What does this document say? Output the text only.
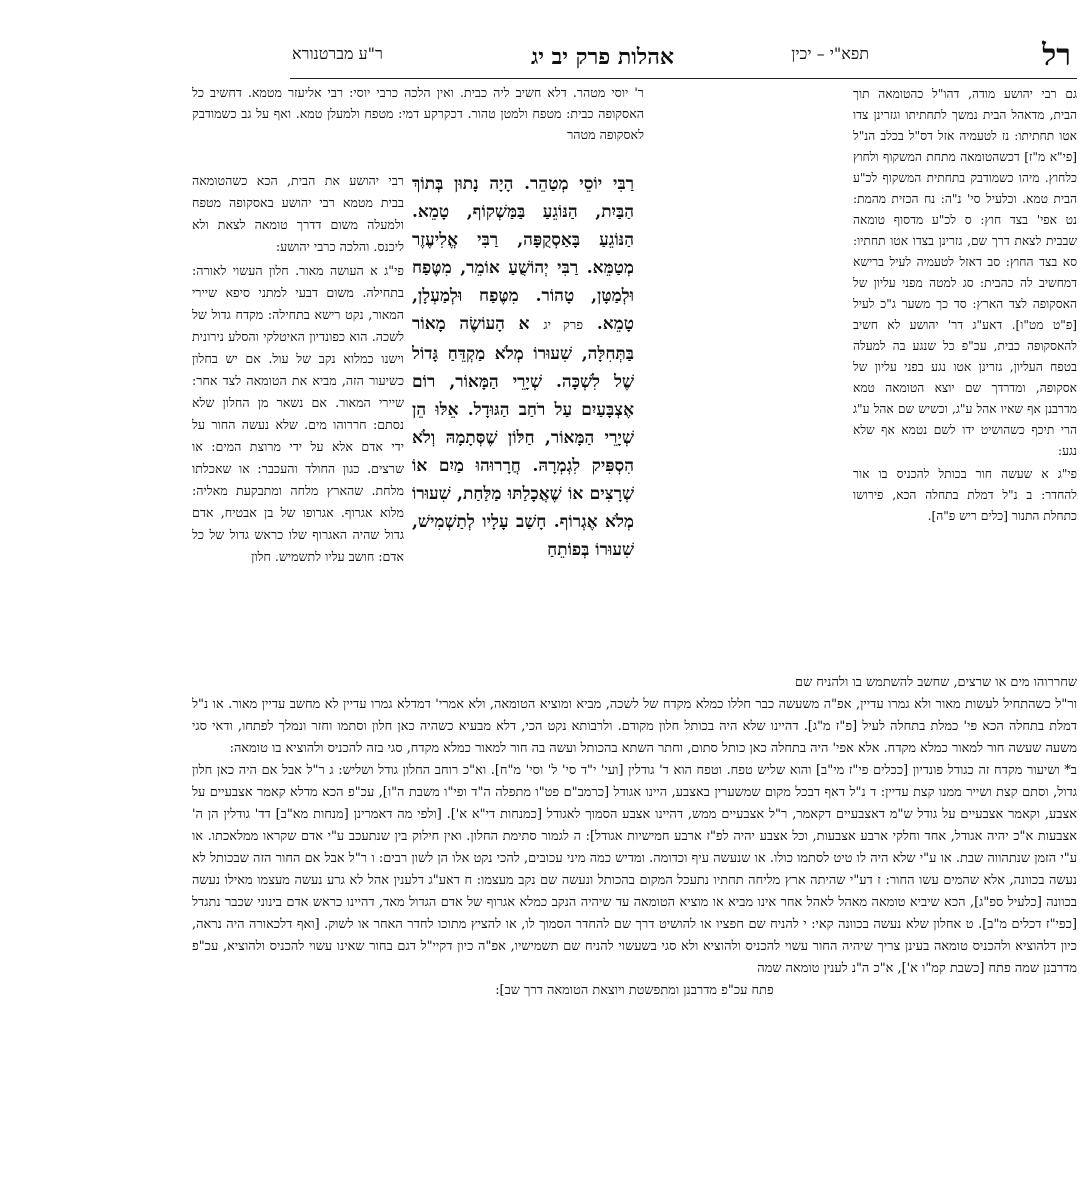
רל
תפא"י – יכין
אהלות פרק יב יג
ר"ע מברטנורא

גם רבי יהושע מודה, דהו"ל כהטומאה תוך הבית, מדאהל הבית נמשך לתחתיתו וגזרינן צדו אטו תחתיתו: נז לטעמיה אזל דס"ל בכלב הנ"ל [פי"א מ"ז] דכשהטומאה מתחת המשקוף ולחוץ כלחוץ. מיהו כשמודבק בתחתית המשקוף לכ"ע הבית טמא. וכלעיל סי' נ"ה: נח הכזית מהמת: נט אפי' בצד חוץ: ס לכ"ע מדסוף טומאה שבבית לצאת דרך שם, גזרינן בצדו אטו תחתיו: סא בצד החוץ: סב דאזל לטעמיה לעיל ברישא דמחשיב לה כהבית: סג למטה מפני עליון של האסקופה לצד הארץ: סד כך משער ג"כ לעיל [פ"ט מט"ו]. דאע"ג דר' יהושע לא חשיב להאסקופה כבית, עכ"פ כל שנגע בה למעלה בטפח העליון, גזרינן אטו נגע בפני עליון של אסקופה, ומדרדך שם יוצא הטומאה טמא מדרבנן אף שאיו אהל ע"ג, וכשיש שם אהל ע"ג הרי תיכף כשהושיט ידו לשם נטמא אף שלא נגע:

פי"ג א שעשה חור בכותל להכניס בו אור להחדר: ב נ"ל דמלת בתחלה הכא, פירושו כתחלת התנור [כלים ריש פ"ה].

ר' יוסי מטהר. דלא חשיב ליה כבית. ואין הלכה כרבי יוסי: רבי אליעזר מטמא. דחשיב כל האסקופה כבית: מטפח ולמטן טהור. דכקרקע דמי: מטפח ולמעלן טמא. ואף על גב כשמודבק לאסקופה מטהר

רַבִּי יוֹסֵי מְטַהֵר. הָיָה נָתוּן בְּתוֹךְ הַבַּיִת, הַנּוֹגֵעַ בַּמַּשְׁקוֹף, טָמֵא. הַנּוֹגֵעַ בָּאַסְקֻפָּה, רַבִּי אֱלִיעֶזֶר מְטַמֵּא. רַבִּי יְהוֹשֻׁעַ אוֹמֵר, מִטֶּפַח וּלְמַטָּן, טָהוֹר. מִטֶּפַח וּלְמַעְלָן, טָמֵא. פרק יג א הָעוֹשֶׂה מָאוֹר בַּתְּחִלָּה, שִׁעוּרוֹ מְלֹא מַקְדֵּחַ גָּדוֹל שֶׁל לִשְׁכָּה. שְׁיָרֵי הַמָּאוֹר, רוֹם אֶצְבָּעַיִם עַל רֹחַב הַגּוּדָל. אֵלּוּ הֵן שְׁיָרֵי הַמָּאוֹר, חַלּוֹן שֶׁסְּתָמָהּ וְלֹא הִסְפִּיק לִגְמְרָהּ. חֲרָרוּהוּ מַיִם אוֹ שְׁרָצִים אוֹ שֶׁאֲכָלַתּוּ מַלַּחַת, שִׁעוּרוֹ מְלֹא אֶגְרוֹף. חָשַׁב עָלָיו לְתַשְׁמִישׁ, שִׁעוּרוֹ בְּפוֹתֵחַ

רבי יהושע את הבית, הכא כשהטומאה בבית מטמא רבי יהושע באסקופה מטפח ולמעלה משום דדרך טומאה לצאת ולא ליכנס. והלכה כרבי יהושע:

פי"ג א העושה מאור. חלון העשוי לאורה: בתחילה. משום דבעי למתני סיפא שיירי המאור, נקט רישא בתחילה: מקדח גדול של לשכה. הוא כפונדיון האיטלקי והסלע נירונית וישנו כמלוא נקב של עול. אם יש בחלון כשיעור הזה, מביא את הטומאה לצד אחר: שיירי המאור. אם נשאר מן החלון שלא נסתם: חררוהו מים. שלא נעשה החור על ידי אדם אלא על ידי מרוצת המים: או שרצים. כגון החולד והעכבר: או שאכלתו מלחת. שהארץ מלחה ומתבקעת מאליה: מלוא אגרוף. אגרופו של בן אבטיח, אדם גדול שהיה האגרוף שלו כראש גדול של כל אדם: חושב עליו לתשמיש. חלון

שחררוהו מים או שרצים, שחשב להשתמש בו ולהניח שם

ור"ל כשהתחיל לעשות מאור ולא גמרו עדיין, אפ"ה משעשה כבר חללו כמלא מקדח של לשכה, מביא ומוציא הטומאה, ולא אמרי' דמדלא גמרו עדיין לא מחשב עדיין מאור. או נ"ל דמלת בתחלה הכא פי' כמלת בתחלה לעיל [פ"ז מ"ג]. דהיינו שלא היה בכותל חלון מקודם. ולרבותא נקט הכי, דלא מבעיא כשהיה כאן חלון וסתמו וחזר ונמלך לפתחו, ודאי סגי משעה שעשה חור למאור כמלא מקדח. אלא אפי' היה בתחלה כאן כותל סתום, וחתר השתא בהכותל ועשה בה חור למאור כמלא מקדח, סגי בזה להכניס ולהוציא בו טומאה:

ב* ושיעור מקדח זה כגודל פונדיון [ככלים פי"ז מי"ב] והוא שליש טפח. וטפח הוא ד' גודלין [ועי' י"ד סי' ל' וסי' מ"ח]. וא"כ רוחב החלון גודל ושליש: ג ר"ל אבל אם היה כאן חלון גדול, וסתם קצת ושייר ממנו קצת עדיין: ד נ"ל דאף דבכל מקום שמשערין באצבע, היינו אגודל [כרמב"ם פט"ו מתפלה ה"ד ופי"ו משבת ה"ו], עכ"פ הכא מדלא קאמר אצבעיים על אצבע, וקאמר אצבעיים על גודל ש"מ דאצבעיים דקאמר, ר"ל אצבעיים ממש, דהיינו אצבע הסמוך לאגודל [כמנחות די"א א']. [ולפי מה דאמרינן [מנחות מא"ב] דד' גודלין הן ה' אצבעות א"כ יהיה אגודל, אחד וחלקי ארבע אצבעות, וכל אצבע יהיה לפ"ז ארבע חמישיות אגודל]: ה לגמור סתימת החלון. ואין חילוק בין שנתעכב ע"י אדם שקראו ממלאכתו. או ע"י הזמן שנתהווה שבת. או ע"י שלא היה לו טיט לסתמו כולו. או שנעשה עיף וכדומה. ומדיש כמה מיני עכובים, להכי נקט אלו הן לשון רבים: ו ר"ל אבל אם החור הזה שבכותל לא נעשה בכוונה, אלא שהמים עשו החור: ז דע"י שהיתה ארץ מליחה תחתיו נתעכל המקום בהכותל ונעשה שם נקב מעצמו: ח דאע"ג דלענין אהל לא גרע נעשה מעצמו מאילו נעשה בכוונה [כלעיל ספ"ג], הכא שיביא טומאה מאהל לאהל אחר אינו מביא או מוציא הטומאה עד שיהיה הנקב כמלא אגרוף של אדם הגדול מאד, דהיינו כראש אדם בינוני שכבר נתגדל [כפי"ז דכלים מ"ב]. ט אחלון שלא נעשה בכוונה קאי: י להניח שם חפציו או להושיט דרך שם להחדר הסמוך לו, או להציץ מתוכו לחדר האחר או לשוק. [ואף דלכאורה היה נראה, כיון דלהוציא ולהכניס טומאה בעינן צריך שיהיה החור עשוי להכניס ולהוציא ולא סגי בשעשוי להניח שם תשמישיו, אפ"ה כיון דקיי"ל דגם בחור שאינו עשוי להכניס ולהוציא, עכ"פ מדרבנן שמה פתח [כשבת קמ"ו א'], א"כ ה"נ לענין טומאה שמה

פתח עכ"פ מדרבנן ומתפשטת ויוצאת הטומאה דרך שב]:
